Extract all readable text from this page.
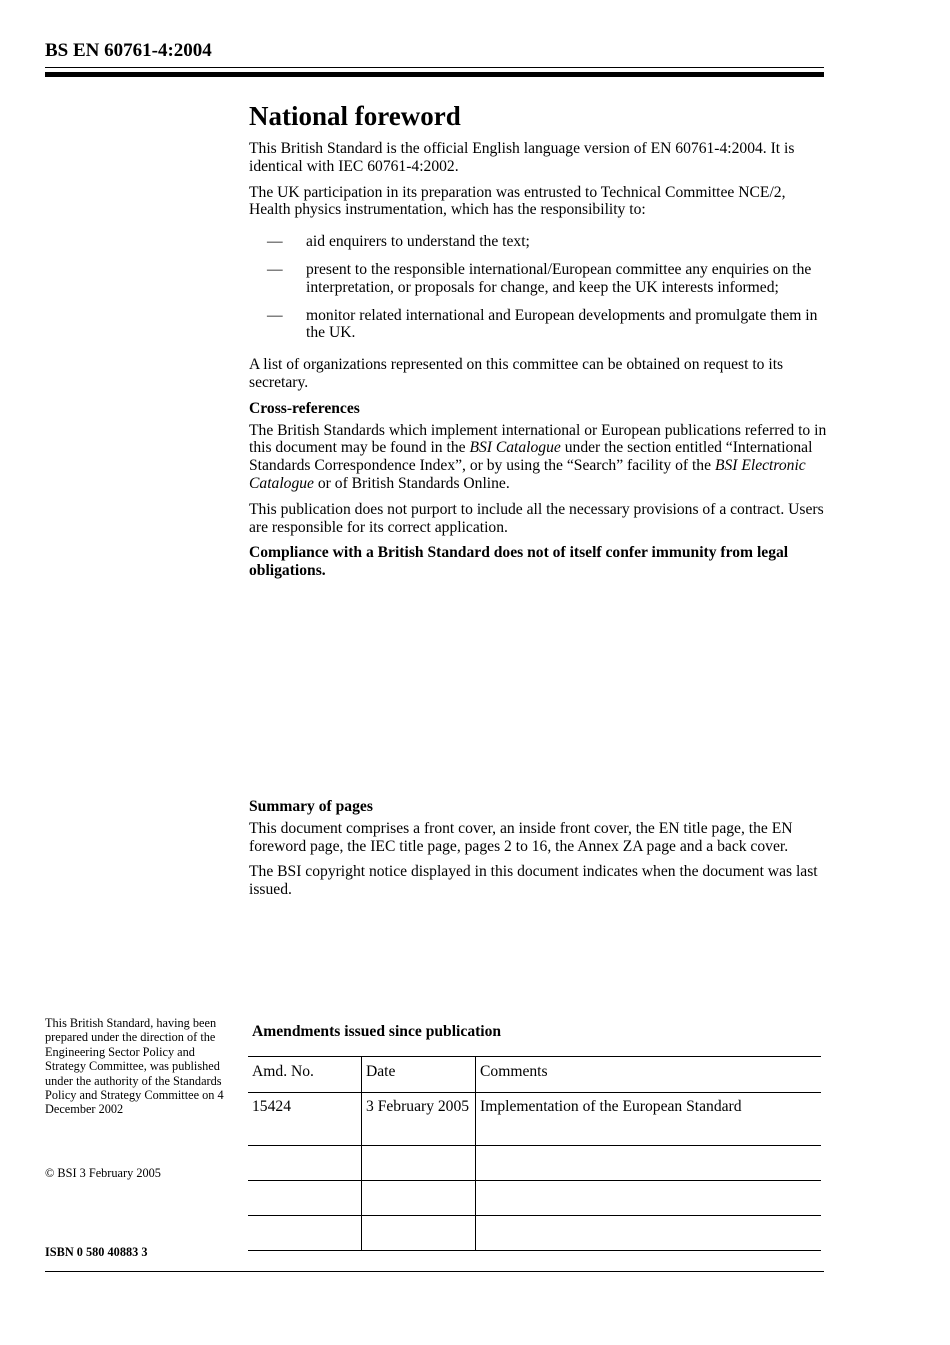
BS EN 60761-4:2004
National foreword

This British Standard is the official English language version of EN 60761-4:2004. It is identical with IEC 60761-4:2002.

The UK participation in its preparation was entrusted to Technical Committee NCE/2, Health physics instrumentation, which has the responsibility to:

— aid enquirers to understand the text;
— present to the responsible international/European committee any enquiries on the interpretation, or proposals for change, and keep the UK interests informed;
— monitor related international and European developments and promulgate them in the UK.

A list of organizations represented on this committee can be obtained on request to its secretary.

Cross-references

The British Standards which implement international or European publications referred to in this document may be found in the BSI Catalogue under the section entitled “International Standards Correspondence Index”, or by using the “Search” facility of the BSI Electronic Catalogue or of British Standards Online.

This publication does not purport to include all the necessary provisions of a contract. Users are responsible for its correct application.

Compliance with a British Standard does not of itself confer immunity from legal obligations.

Summary of pages

This document comprises a front cover, an inside front cover, the EN title page, the EN foreword page, the IEC title page, pages 2 to 16, the Annex ZA page and a back cover.

The BSI copyright notice displayed in this document indicates when the document was last issued.

This British Standard, having been prepared under the direction of the Engineering Sector Policy and Strategy Committee, was published under the authority of the Standards Policy and Strategy Committee on 4 December 2002
© BSI 3 February 2005
ISBN 0 580 40883 3
Amendments issued since publication
Amd. No.	Date	Comments
15424	3 February 2005	Implementation of the European Standard
